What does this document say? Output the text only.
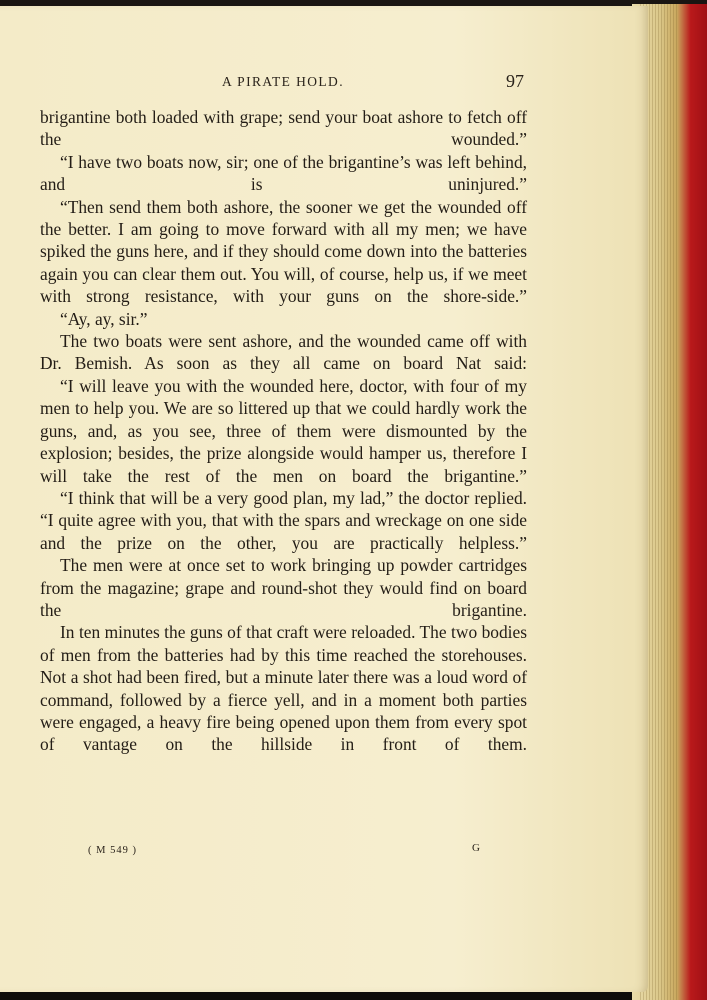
A PIRATE HOLD.	97

brigantine both loaded with grape; send your boat ashore to fetch off the wounded.”

“I have two boats now, sir; one of the brigantine’s was left behind, and is uninjured.”

“Then send them both ashore, the sooner we get the wounded off the better. I am going to move forward with all my men; we have spiked the guns here, and if they should come down into the batteries again you can clear them out. You will, of course, help us, if we meet with strong resistance, with your guns on the shore-side.”

“Ay, ay, sir.”

The two boats were sent ashore, and the wounded came off with Dr. Bemish. As soon as they all came on board Nat said:

“I will leave you with the wounded here, doctor, with four of my men to help you. We are so littered up that we could hardly work the guns, and, as you see, three of them were dismounted by the explosion; besides, the prize alongside would hamper us, therefore I will take the rest of the men on board the brigantine.”

“I think that will be a very good plan, my lad,” the doctor replied. “I quite agree with you, that with the spars and wreckage on one side and the prize on the other, you are practically helpless.”

The men were at once set to work bringing up powder cartridges from the magazine; grape and round-shot they would find on board the brigantine.

In ten minutes the guns of that craft were reloaded. The two bodies of men from the batteries had by this time reached the storehouses. Not a shot had been fired, but a minute later there was a loud word of command, followed by a fierce yell, and in a moment both parties were engaged, a heavy fire being opened upon them from every spot of vantage on the hillside in front of them.

( M 549 )	G
